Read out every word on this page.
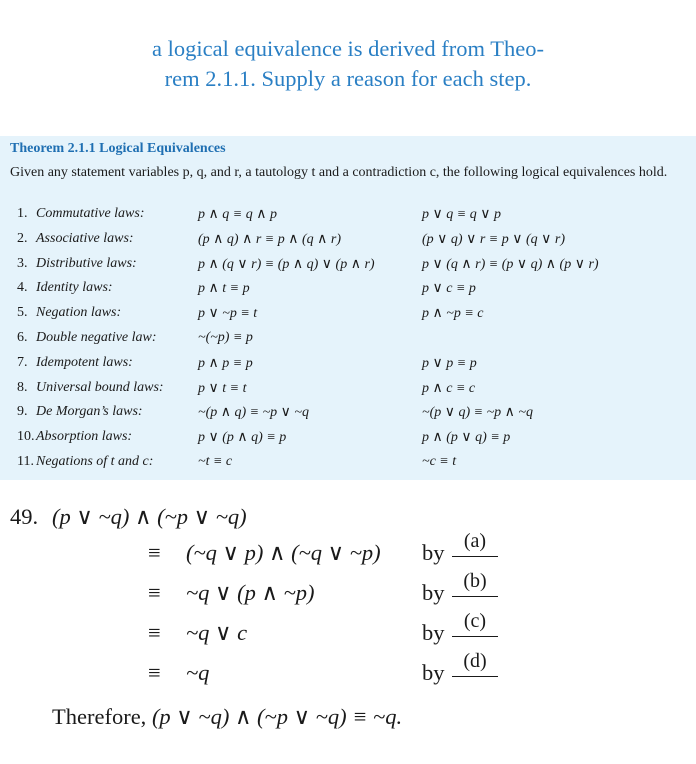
a logical equivalence is derived from Theo-
rem 2.1.1. Supply a reason for each step.
Theorem 2.1.1 Logical Equivalences
Given any statement variables p, q, and r, a tautology t and a contradiction c, the following logical equivalences hold.
1. Commutative laws:	p ∧ q ≡ q ∧ p	p ∨ q ≡ q ∨ p
2. Associative laws:	(p ∧ q) ∧ r ≡ p ∧ (q ∧ r)	(p ∨ q) ∨ r ≡ p ∨ (q ∨ r)
3. Distributive laws:	p ∧ (q ∨ r) ≡ (p ∧ q) ∨ (p ∧ r)	p ∨ (q ∧ r) ≡ (p ∨ q) ∧ (p ∨ r)
4. Identity laws:	p ∧ t ≡ p	p ∨ c ≡ p
5. Negation laws:	p ∨ ~p ≡ t	p ∧ ~p ≡ c
6. Double negative law:	~(~p) ≡ p
7. Idempotent laws:	p ∧ p ≡ p	p ∨ p ≡ p
8. Universal bound laws: p ∨ t ≡ t	p ∧ c ≡ c
9. De Morgan’s laws:	~(p ∧ q) ≡ ~p ∨ ~q	~(p ∨ q) ≡ ~p ∧ ~q
10. Absorption laws:	p ∨ (p ∧ q) ≡ p	p ∧ (p ∨ q) ≡ p
11. Negations of t and c:	~t ≡ c	~c ≡ t
49. (p ∨ ~q) ∧ (~p ∨ ~q)
≡ (~q ∨ p) ∧ (~q ∨ ~p) by (a)
≡ ~q ∨ (p ∧ ~p)	by (b)
≡ ~q ∨ c	by (c)
≡ ~q	by (d)
Therefore, (p ∨ ~q) ∧ (~p ∨ ~q) ≡ ~q.
